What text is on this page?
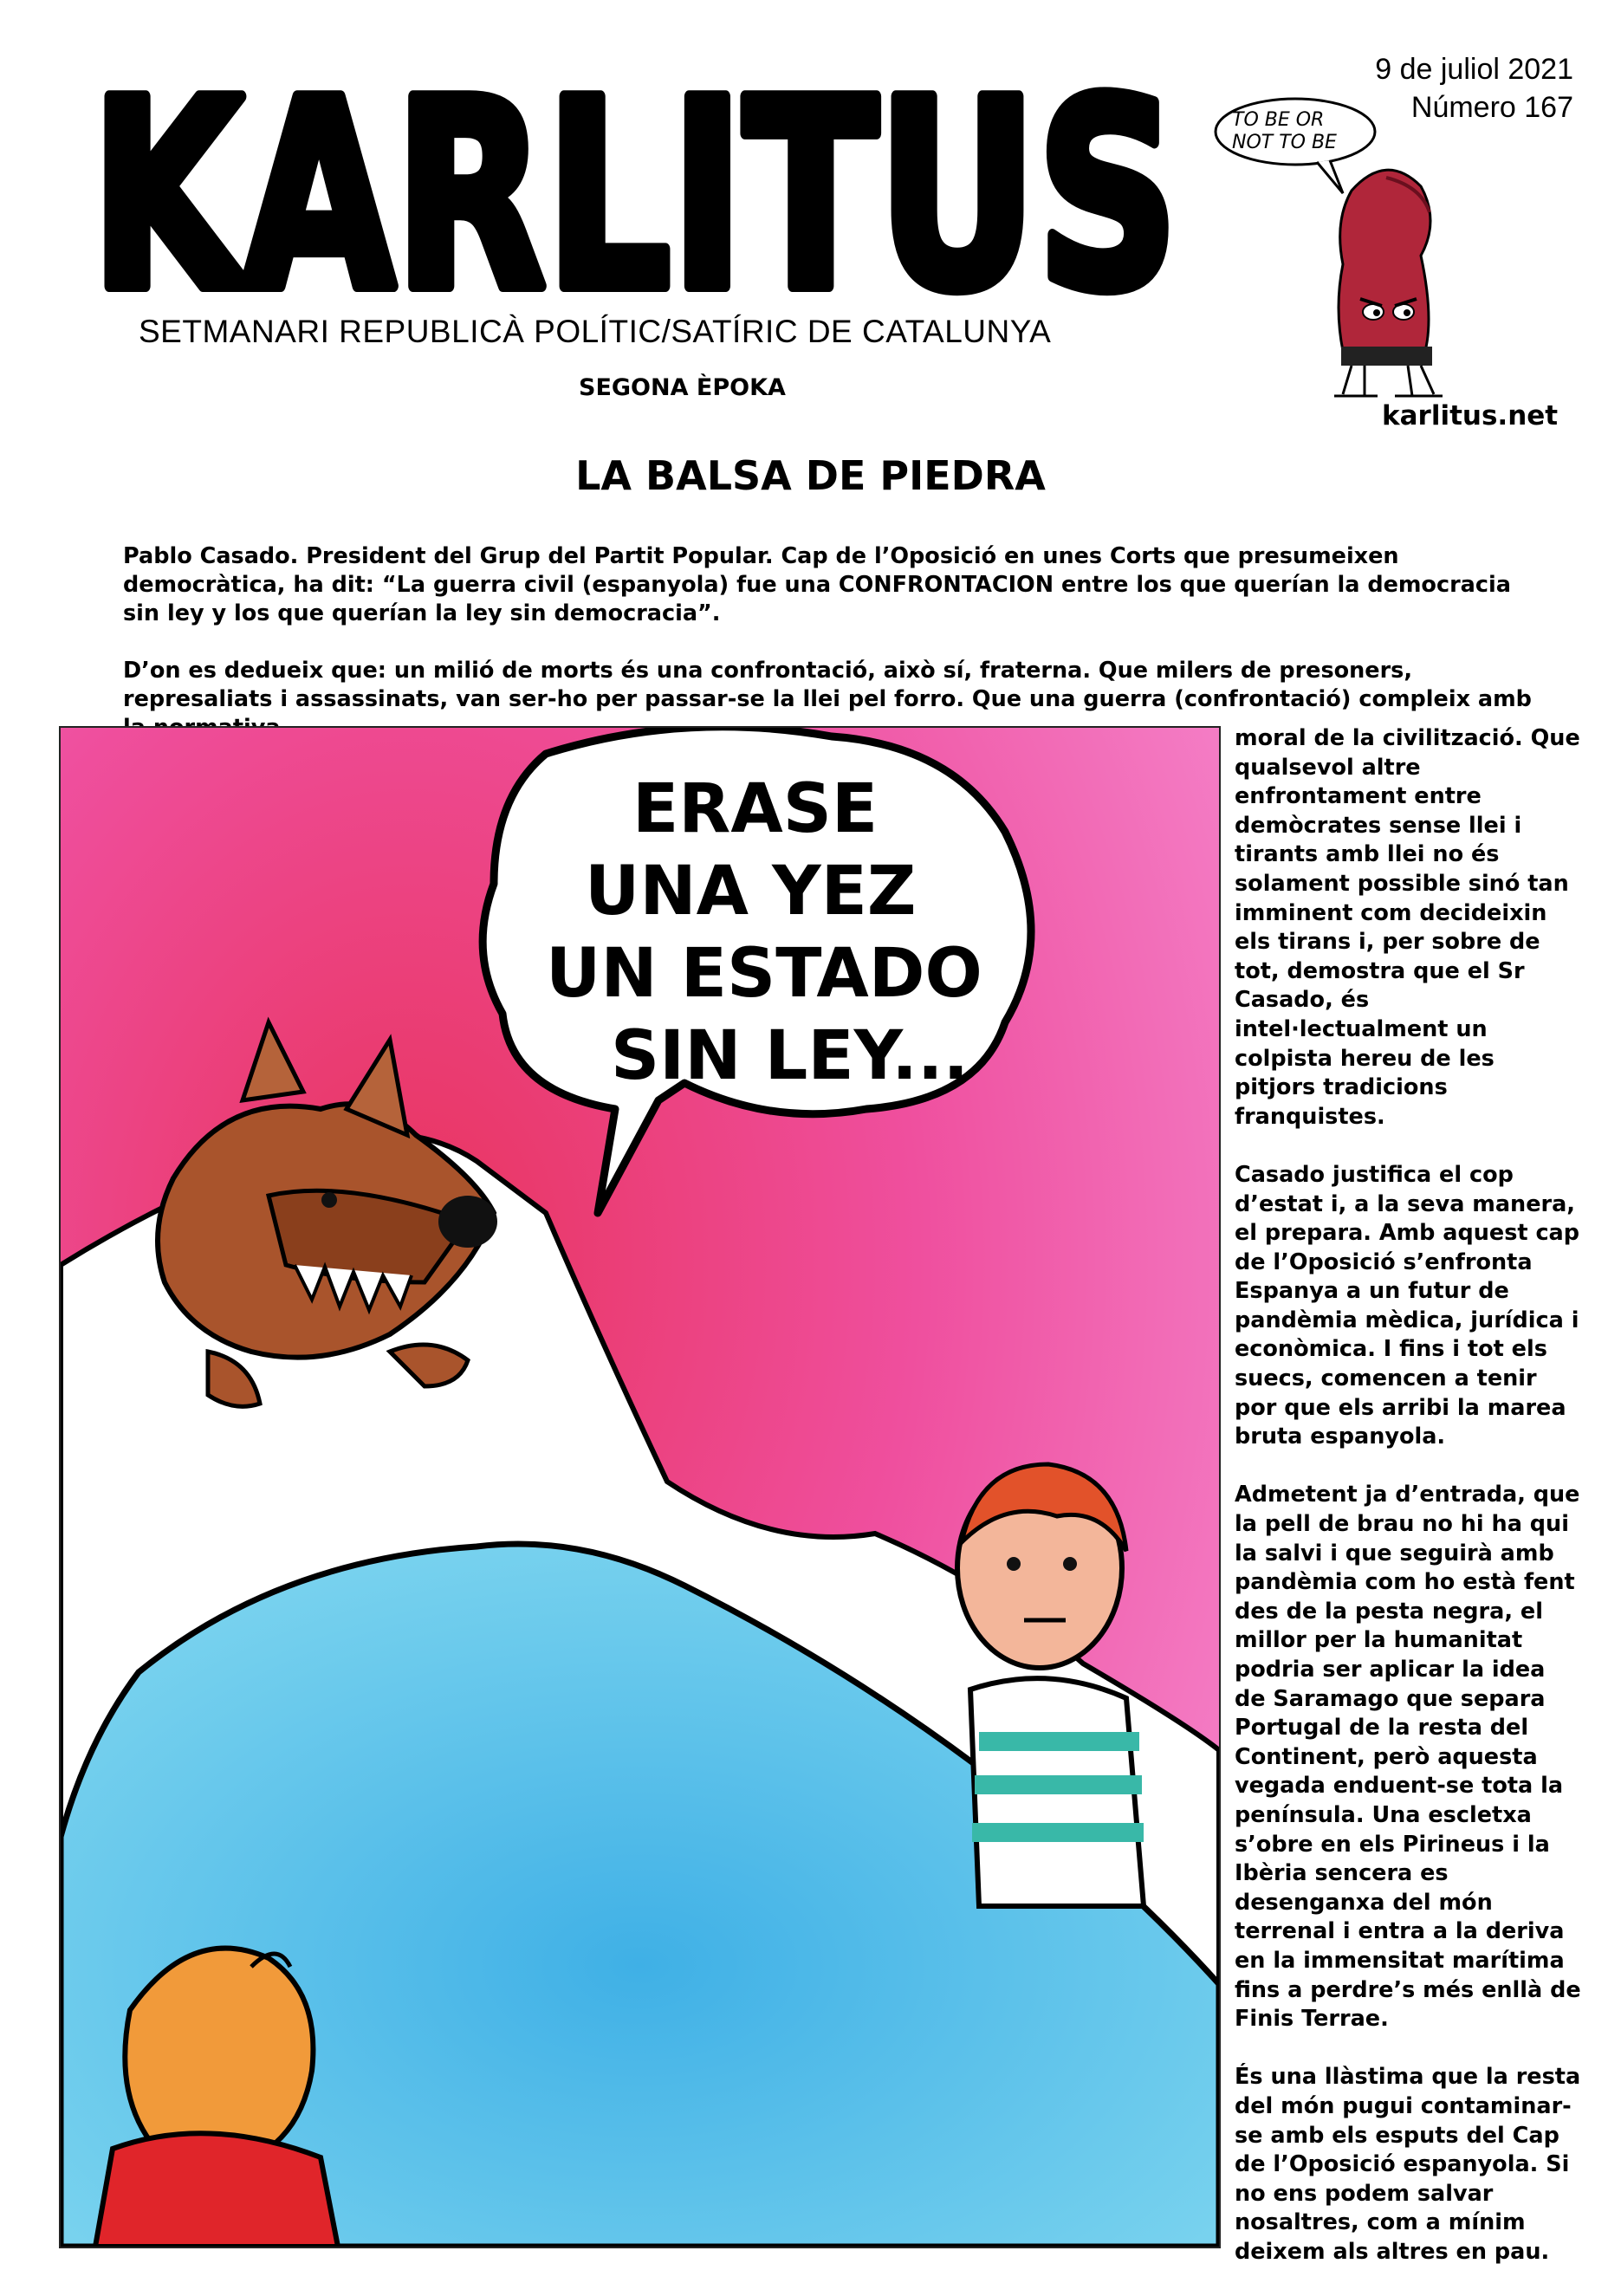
KARLITUS
SETMANARI REPUBLICÀ POLÍTIC/SATÍRIC DE CATALUNYA
SEGONA ÈPOKA
9 de juliol 2021
Número 167
TO BE OR
NOT TO BE
karlitus.net
LA BALSA DE PIEDRA

Pablo Casado. President del Grup del Partit Popular. Cap de l’Oposició en unes Corts que presumeixen democràtica, ha dit: “La guerra civil (espanyola) fue una CONFRONTACION entre los que querían la democracia sin ley y los que querían la ley sin democracia”.

D’on es dedueix que: un milió de morts és una confrontació, això sí, fraterna. Que milers de presoners, represaliats i assassinats, van ser-ho per passar-se la llei pel forro. Que una guerra (confrontació) compleix amb

ERASE
UNA YEZ
UN ESTADO
SIN LEY...

moral de la civilització. Que qualsevol altre enfrontament entre demòcrates sense llei i tirants amb llei no és solament possible sinó tan imminent com decideixin els tirans i, per sobre de tot, demostra que el Sr Casado, és intel·lectualment un colpista hereu de les pitjors tradicions franquistes.

Casado justifica el cop d’estat i, a la seva manera, el prepara. Amb aquest cap de l’Oposició s’enfronta Espanya a un futur de pandèmia mèdica, jurídica i econòmica. I fins i tot els suecs, comencen a tenir por que els arribi la marea bruta espanyola.

Admetent ja d’entrada, que la pell de brau no hi ha qui la salvi i que seguirà amb pandèmia com ho està fent des de la pesta negra, el millor per la humanitat podria ser aplicar la idea de Saramago que separa Portugal de la resta del Continent, però aquesta vegada enduent-se tota la península. Una escletxa s’obre en els Pirineus i la Ibèria sencera es desenganxa del món terrenal i entra a la deriva en la immensitat marítima fins a perdre’s més enllà de Finis Terrae.

És una llàstima que la resta del món pugui contaminar-se amb els esputs del Cap de l’Oposició espanyola. Si no ens podem salvar nosaltres, com a mínim deixem als altres en pau.
